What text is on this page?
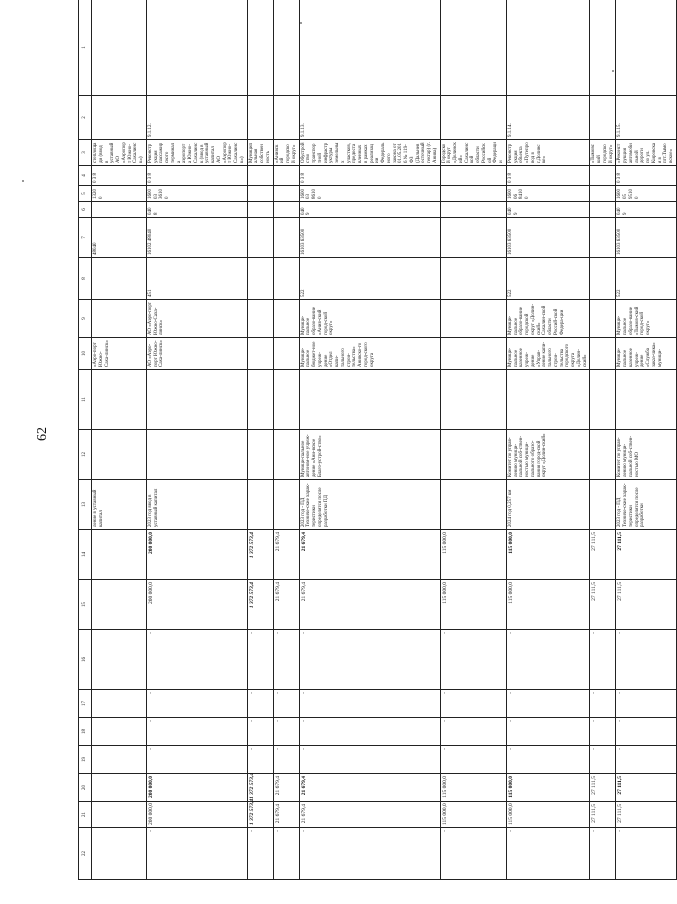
62
22	21	20	19	18	17	16	15	14	13	12	11	10	9	8	7	6	5	4	3	2	1
									ление в уставный капитал			«Аэро-порт Южно-Саха-линск»			48040		13200	0 3 8	степлощади (ввод в уставный АО «Аэропорт Южно-Сахалинск»)		
-	200 000,0	200 000,0	-	-	-	-	200 000,0	200 000,0	2023 год ввод в уставный капитал			АО «Аэро-порт Южно-Саха-линск»	АО «Аэро-порт Южно-Саха-линск»	451	16102 48040	040 8	160003 36100	0 3 8	Реконструкция пассажирского терминала аэропорта Южно-Сахалинск (ввод в уставный капитал АО «Аэропорт Южно-Сахалинск»)	9.1.12.	
-	1 372 573,4	1 372 573,4	-	-	-	-	1 372 573,4	1 372 573,4											Муниципальная собственность		
-	21 679,4	21 679,4	-	-	-	-	21 679,4	21 679,4											«Анивский городской округ»		
-	21 679,4	21 679,4	-	-	-	-	21 679,4	21 679,4	2023 год - ПД Техниче-ские харак-теристики определятся после разработки ПД	Муници-пальное автоном-ное учреж-дение «Ани-вское Благо-устрой-ство»		Муници-пальное бюджет-ное учреж-дение «Отдел капи-тального строи-тельства» Анивско-го город-ского округа	Муници-пальное образо-вание «Анив-ский город-ской округ»	522	16103 63500	040 9	160003 86100	0 3 8	Обустройство транспортной инфраструктуры земельных участков, предоставленных в рамках реализации Федерального закона от 01.05.2016 № 119-ФЗ (Дальневосточный гектар) (г. Анива)	9.1.13.	
-	115 000,0	115 000,0	-	-	-	-	115 000,0	115 000,0											Городской округ «Долинский» Сахалинской области Российской Федерации		
-	115 000,0	115 000,0	-	-	-	-	115 000,0	115 000,0	2024 год 0,257 км	Комитет по управ-лению муници-пальной соб-ствен-ностью муници-пального образо-вания город-ской округ «Долин-ский»		Муници-пальное казенное учреж-дение «Управ-ление капи-тального строи-тельства городского округа «Долин-ский»	Муници-пальное образо-вание городской округ «Долин-ский» Сахалин-ской области Россий-ской Федера-ции	522	16103 63500	040 9	160006 84100	0 3 8	Реконструкция объекта «Путепровод в г.Долинске»	9.1.14.	
-	27 111,5	27 111,5	-	-	-	-	27 111,5	27 111,5											«Тымовский городской округ»		
-	27 111,5	27 111,5	-	-	-	-	27 111,5	27 111,5	2023 год - ПД Техниче-ские харак-теристики определятся после разработки	Комитет по управ-лению муници-пальной соб-ствен-ностью МО		Муници-пальное казенное учреж-дение «Служба заказ-чика» муници-	Муници-пальное образо-вание «Тымов-ский город-ской округ»	522	16103 63500	040 9	160005 95100	0 3 8	«Реконструкция автомобильной дороги по ул. Кировская в пгт.Тымовское»	9.1.15.	
